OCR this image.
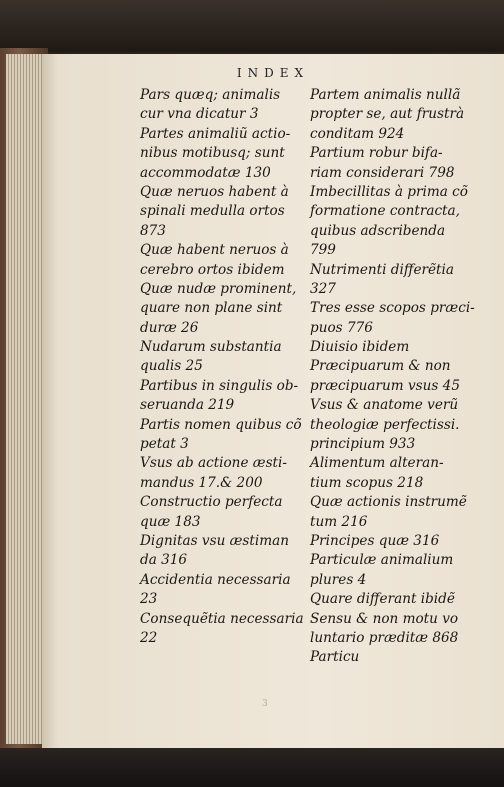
INDEX
Pars quæq; animalis
cur vna dicatur 3
Partes animaliũ actio-
nibus motibusq; sunt
accommodatæ 130
Quæ neruos habent à
spinali medulla ortos
873
Quæ habent neruos à
cerebro ortos ibidem
Quæ nudæ prominent,
quare non plane sint
duræ 26
Nudarum substantia
qualis 25
Partibus in singulis ob-
seruanda 219
Partis nomen quibus cõ
petat 3
Vsus ab actione æsti-
mandus 17.& 200
Constructio perfecta
quæ 183
Dignitas vsu æstiman
da 316
Accidentia necessaria
23
Consequẽtia necessaria
22
Partem animalis nullã
propter se, aut frustrà
conditam 924
Partium robur bifa-
riam considerari 798
Imbecillitas à prima cõ
formatione contracta,
quibus adscribenda
799
Nutrimenti differẽtia
327
Tres esse scopos præci-
puos 776
Diuisio ibidem
Præcipuarum & non
præcipuarum vsus 45
Vsus & anatome verũ
theologiæ perfectissi.
principium 933
Alimentum alteran-
tium scopus 218
Quæ actionis instrumẽ
tum 216
Principes quæ 316
Particulæ animalium
plures 4
Quare differant ibidẽ
Sensu & non motu vo
luntario præditæ 868
Particu
3
